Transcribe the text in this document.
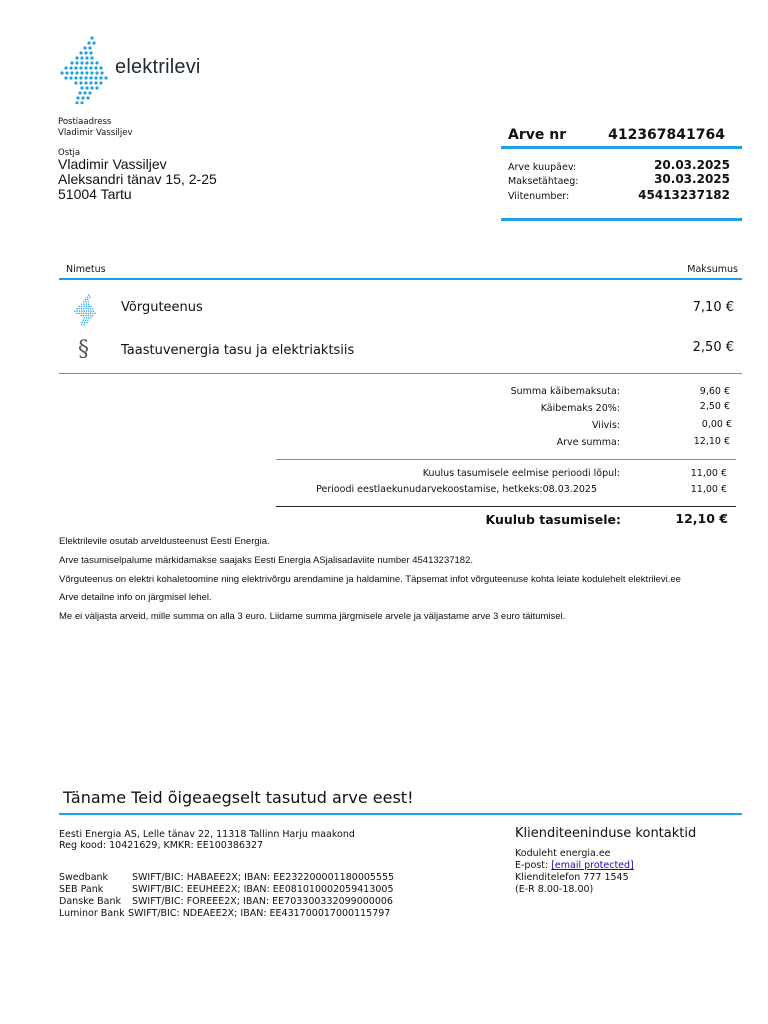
elektrilevi
Postiaadress
Vladimir Vassiljev
Ostja
Vladimir Vassiljev
Aleksandri tänav 15, 2-25
51004 Tartu
Arve nr	412367841764
Arve kuupäev:	20.03.2025
Maksetähtaeg:	30.03.2025
Viitenumber:	45413237182
Nimetus	Maksumus
Võrguteenus	7,10 €
§ Taastuvenergia tasu ja elektriaktsiis	2,50 €
Summa käibemaksuta:	9,60 €
Käibemaks 20%:	2,50 €
Viivis:	0,00 €
Arve summa:	12,10 €
Kuulus tasumisele eelmise perioodi lõpul:	11,00 €
Perioodi eestlaekunudarvekoostamise, hetkeks:08.03.2025	11,00 €
Kuulub tasumisele:	12,10 €
Elektrilevile osutab arveldusteenust Eesti Energia.
Arve tasumiselpalume märkidamakse saajaks Eesti Energia ASjalisadaviite number 45413237182.
Võrguteenus on elektri kohaletoomine ning elektrivõrgu arendamine ja haldamine. Täpsemat infot võrguteenuse kohta leiate kodulehelt elektrilevi.ee
Arve detailne info on järgmisel lehel.
Me ei väljasta arveid, mille summa on alla 3 euro. Liidame summa järgmisele arvele ja väljastame arve 3 euro täitumisel.
Täname Teid õigeaegselt tasutud arve eest!
Eesti Energia AS, Lelle tänav 22, 11318 Tallinn Harju maakond
Reg kood: 10421629, KMKR: EE100386327
Swedbank	SWIFT/BIC: HABAEE2X; IBAN: EE232200001180005555
SEB Pank	SWIFT/BIC: EEUHEE2X; IBAN: EE081010002059413005
Danske Bank SWIFT/BIC: FOREEE2X; IBAN: EE703300332099000006
Luminor Bank SWIFT/BIC: NDEAEE2X; IBAN: EE431700017000115797
Klienditeeninduse kontaktid
Koduleht energia.ee
E-post: [email protected]
Klienditelefon 777 1545
(E-R 8.00-18.00)
